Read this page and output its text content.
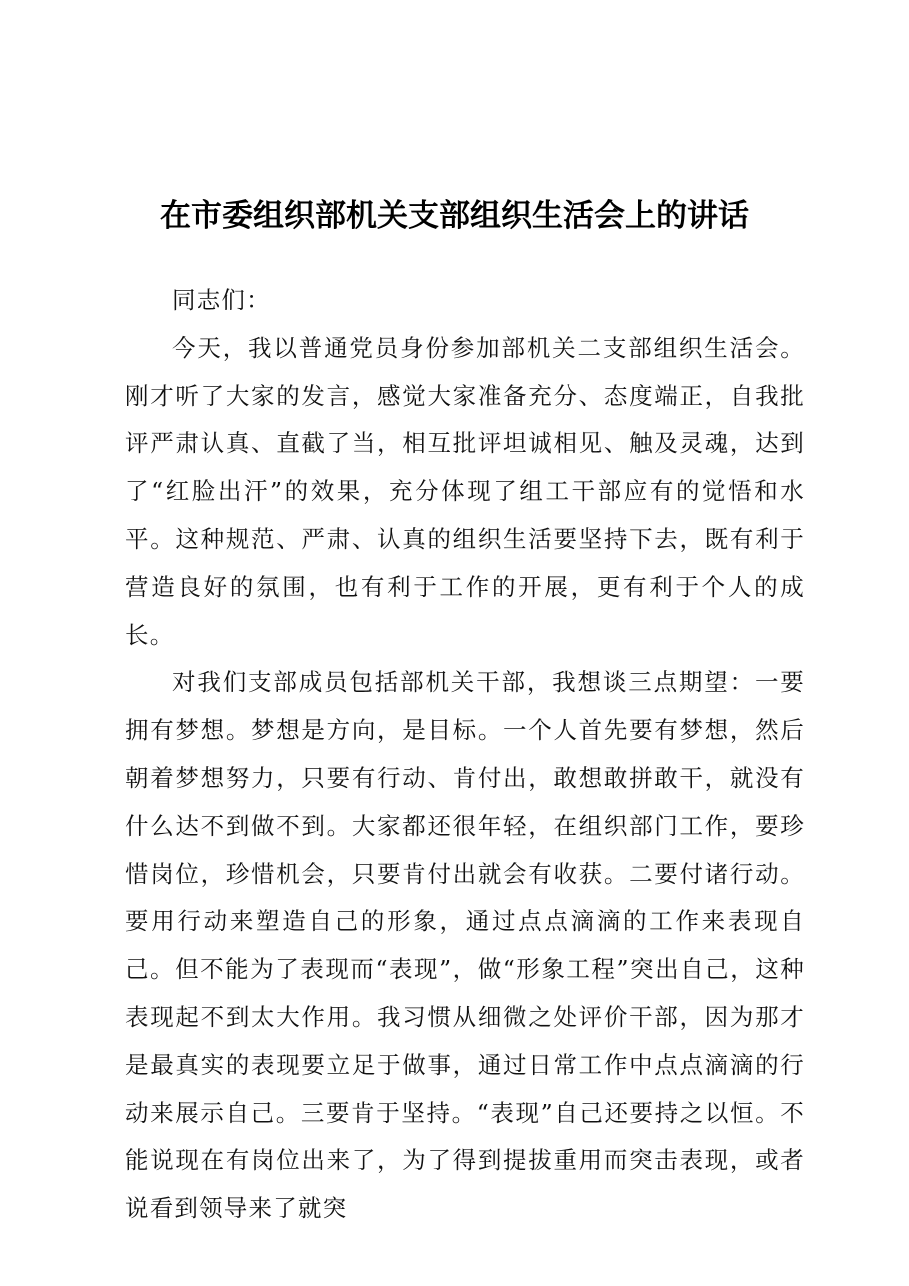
在市委组织部机关支部组织生活会上的讲话

同志们：

今天，我以普通党员身份参加部机关二支部组织生活会。刚才听了大家的发言，感觉大家准备充分、态度端正，自我批评严肃认真、直截了当，相互批评坦诚相见、触及灵魂，达到了“红脸出汗”的效果，充分体现了组工干部应有的觉悟和水平。这种规范、严肃、认真的组织生活要坚持下去，既有利于营造良好的氛围，也有利于工作的开展，更有利于个人的成长。

对我们支部成员包括部机关干部，我想谈三点期望：一要拥有梦想。梦想是方向，是目标。一个人首先要有梦想，然后朝着梦想努力，只要有行动、肯付出，敢想敢拼敢干，就没有什么达不到做不到。大家都还很年轻，在组织部门工作，要珍惜岗位，珍惜机会，只要肯付出就会有收获。二要付诸行动。要用行动来塑造自己的形象，通过点点滴滴的工作来表现自己。但不能为了表现而“表现”，做“形象工程”突出自己，这种表现起不到太大作用。我习惯从细微之处评价干部，因为那才是最真实的表现要立足于做事，通过日常工作中点点滴滴的行动来展示自己。三要肯于坚持。“表现”自己还要持之以恒。不能说现在有岗位出来了，为了得到提拔重用而突击表现，或者说看到领导来了就突
